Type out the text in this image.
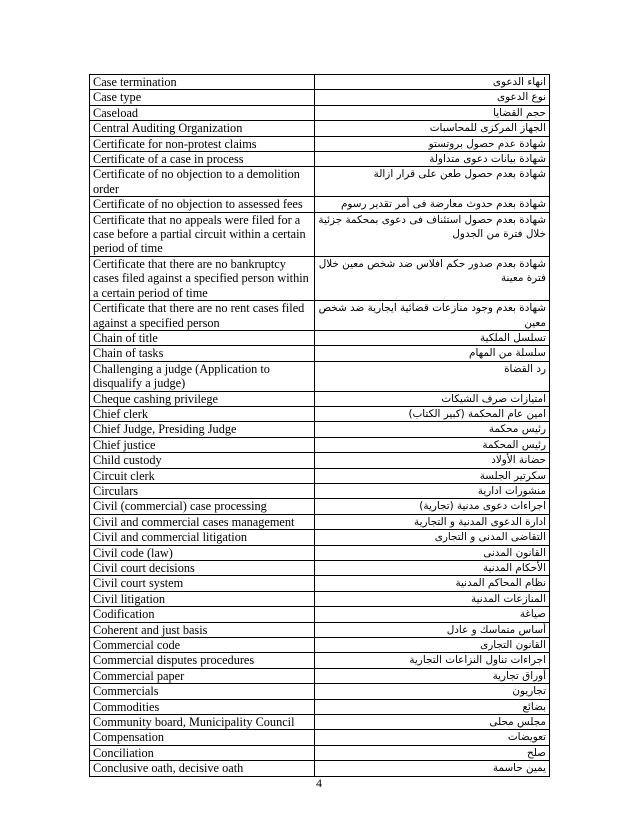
Case termination	انهاء الدعوى
Case type	نوع الدعوى
Caseload	حجم القضايا
Central Auditing Organization	الجهاز المركزى للمحاسبات
Certificate for non-protest claims	شهادة عدم حصول بروتستو
Certificate of a case in process	شهادة بيانات دعوى متداولة
Certificate of no objection to a demolition order	شهادة بعدم حصول طعن على قرار ازالة
Certificate of no objection to assessed fees	شهادة بعدم حدوث معارضة فى أمر تقدير رسوم
Certificate that no appeals were filed for a case before a partial circuit within a certain period of time	شهادة بعدم حصول استئناف فى دعوى بمحكمة جزئية خلال فترة من الجدول
Certificate that there are no bankruptcy cases filed against a specified person within a certain period of time	شهادة بعدم صدور حكم افلاس ضد شخص معين خلال فترة معينة
Certificate that there are no rent cases filed against a specified person	شهادة بعدم وجود منازعات قضائية ايجارية ضد شخص معين
Chain of title	تسلسل الملكية
Chain of tasks	سلسلة من المهام
Challenging a judge (Application to disqualify a judge)	رد القضاة
Cheque cashing privilege	امتيازات صرف الشيكات
Chief clerk	امين عام المحكمة (كبير الكتاب)
Chief Judge, Presiding Judge	رئيس محكمة
Chief justice	رئيس المحكمة
Child custody	حضانة الأولاد
Circuit clerk	سكرتير الجلسة
Circulars	منشورات ادارية
Civil (commercial) case processing	اجراءات دعوى مدنية (تجارية)
Civil and commercial cases management	ادارة الدعوى المدنية و التجارية
Civil and commercial litigation	التقاضى المدنى و التجارى
Civil code (law)	القانون المدنى
Civil court decisions	الأحكام المدنية
Civil court system	نظام المحاكم المدنية
Civil litigation	المنازعات المدنية
Codification	صياغة
Coherent and just basis	أساس متماسك و عادل
Commercial code	القانون التجارى
Commercial disputes procedures	اجراءات تناول النزاعات التجارية
Commercial paper	أوراق تجارية
Commercials	تجاريون
Commodities	بضائع
Community board, Municipality Council	مجلس محلى
Compensation	تعويضات
Conciliation	صلح
Conclusive oath, decisive oath	يمين حاسمة
4
